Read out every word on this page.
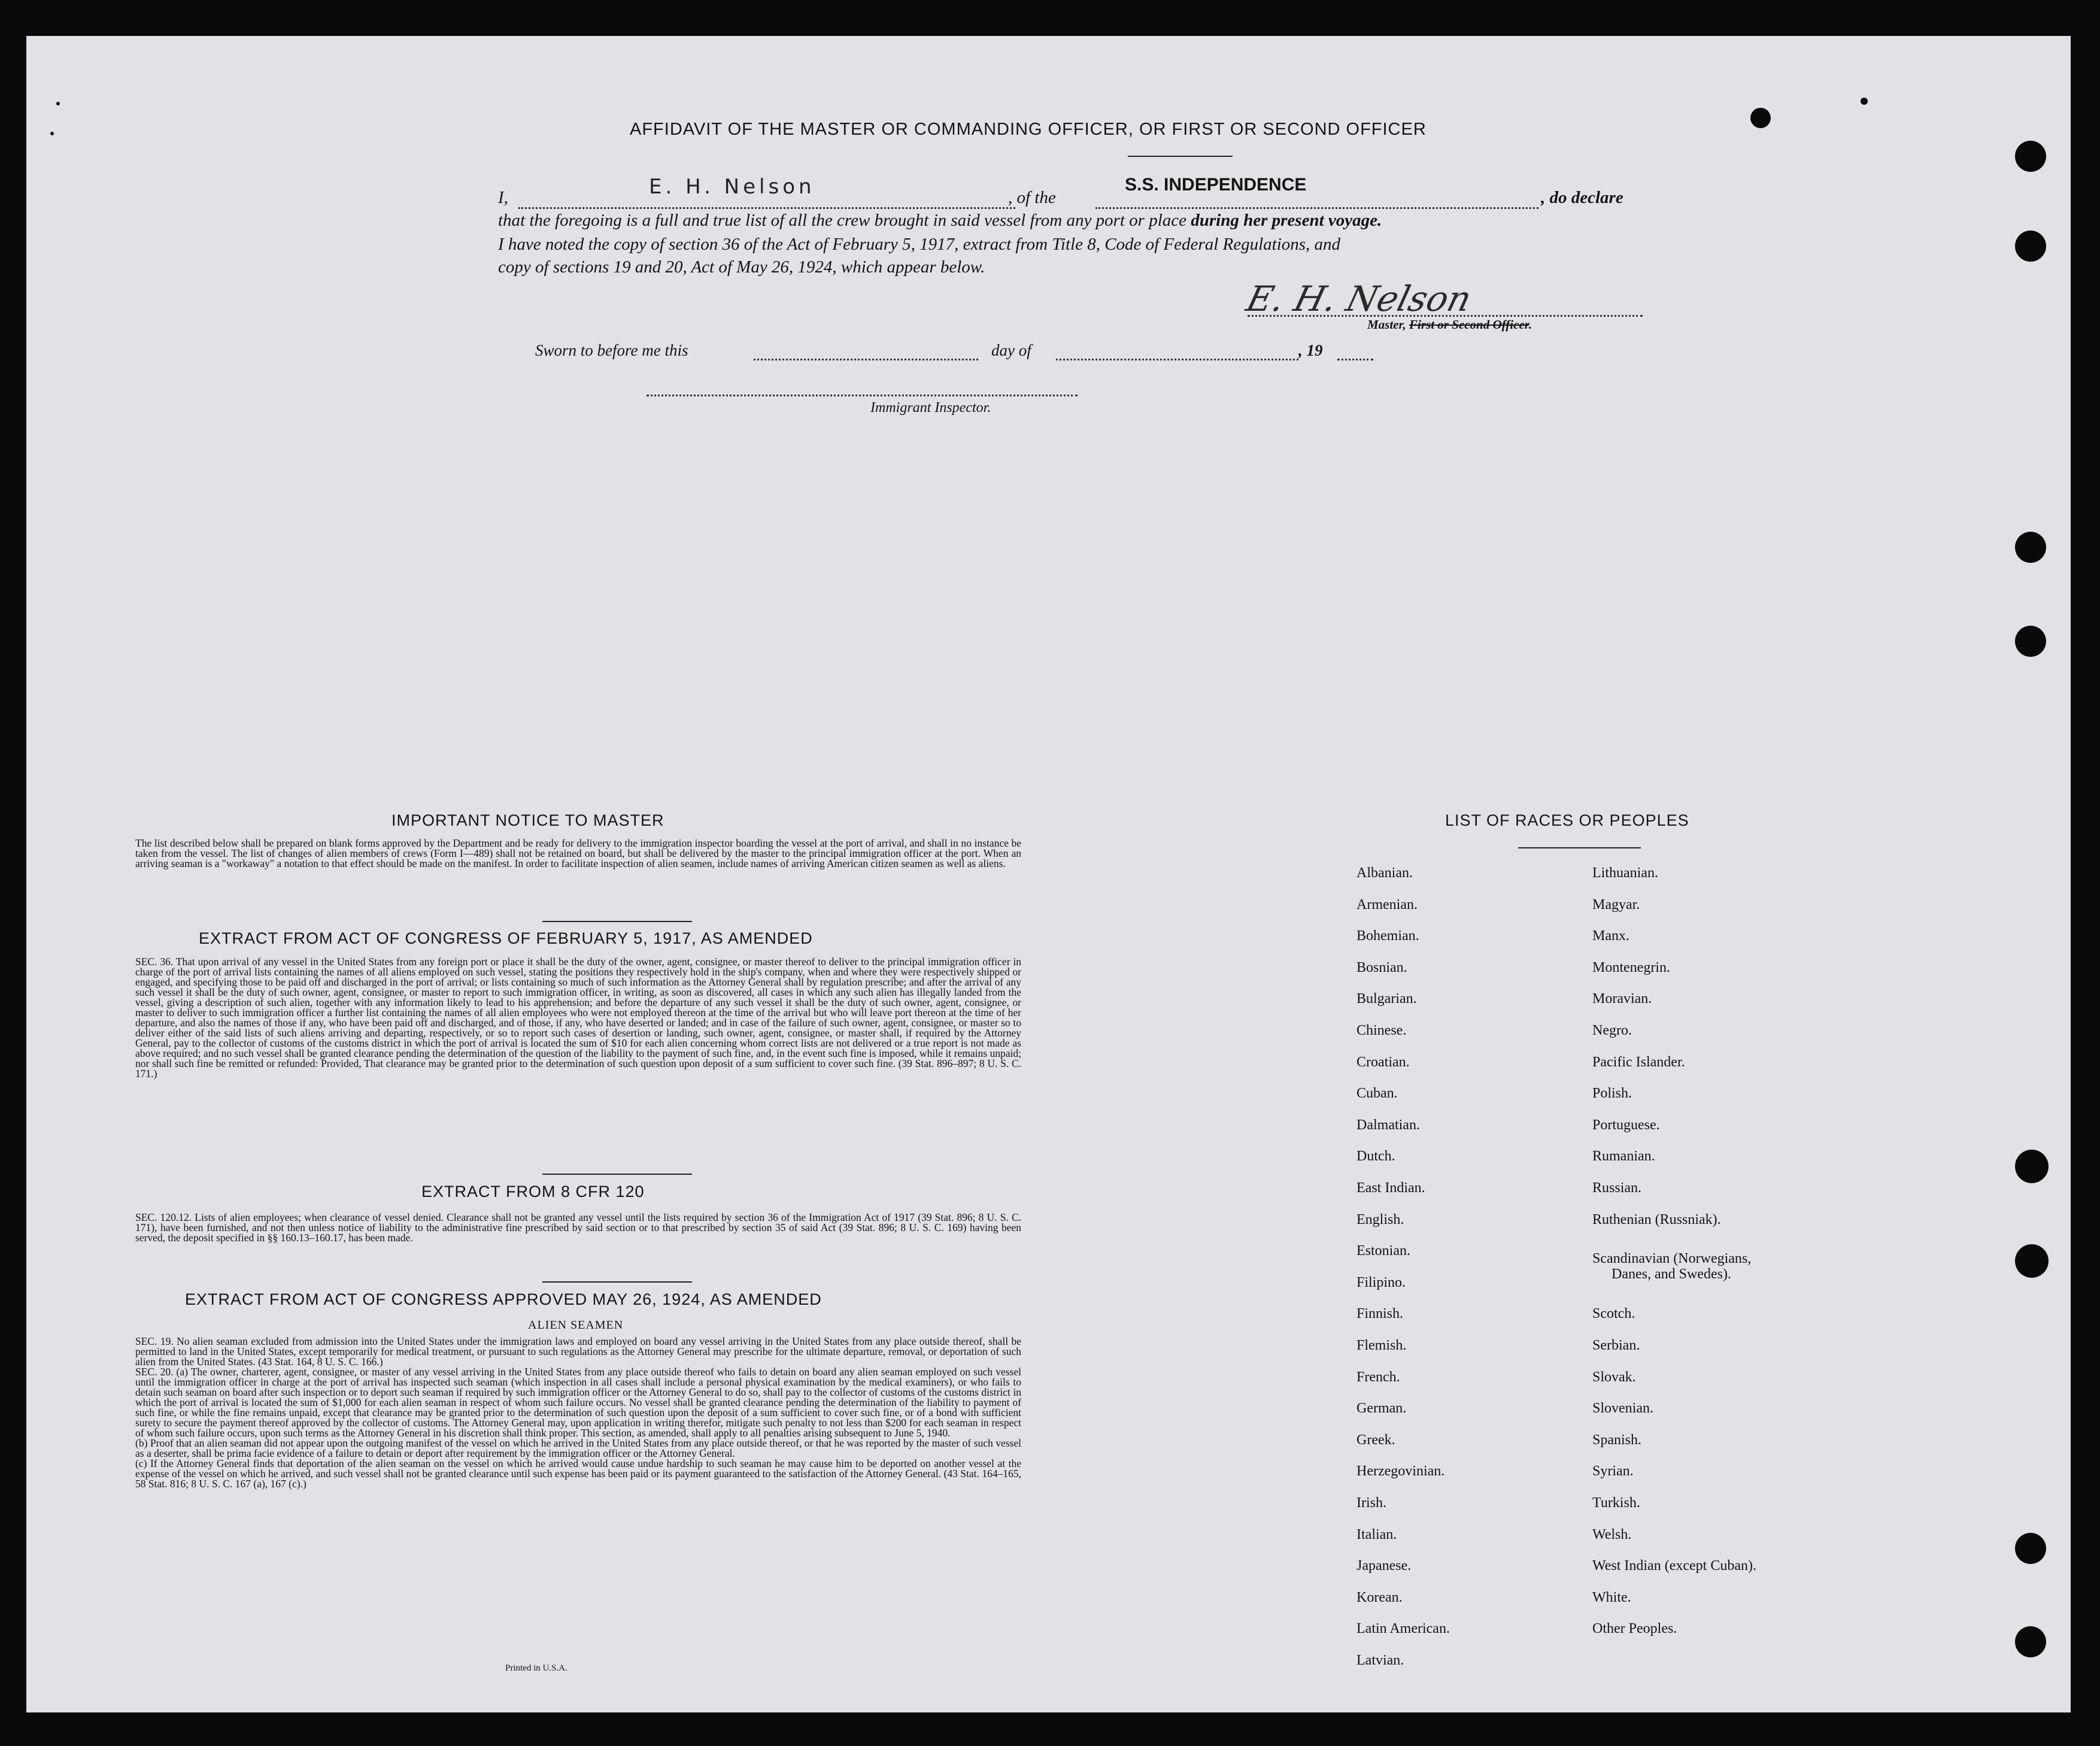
AFFIDAVIT OF THE MASTER OR COMMANDING OFFICER, OR FIRST OR SECOND OFFICER
I,	E. H. Nelson	, of the
S.S. INDEPENDENCE
, do declare
that the foregoing is a full and true list of all the crew brought in said vessel from any port or place during her present voyage.
I have noted the copy of section 36 of the Act of February 5, 1917, extract from Title 8, Code of Federal Regulations, and
copy of sections 19 and 20, Act of May 26, 1924, which appear below.
E. H. Nelson
Master, First or Second Officer.
Sworn to before me this	day of	, 19
Immigrant Inspector.
IMPORTANT NOTICE TO MASTER
The list described below shall be prepared on blank forms approved by the Department and be ready for delivery to the immigration inspector boarding the vessel at the port of arrival, and shall in no instance be taken from the vessel. The list of changes of alien members of crews (Form I—489) shall not be retained on board, but shall be delivered by the master to the principal immigration officer at the port. When an arriving seaman is a "workaway" a notation to that effect should be made on the manifest. In order to facilitate inspection of alien seamen, include names of arriving American citizen seamen as well as aliens.
EXTRACT FROM ACT OF CONGRESS OF FEBRUARY 5, 1917, AS AMENDED
SEC. 36. That upon arrival of any vessel in the United States from any foreign port or place it shall be the duty of the owner, agent, consignee, or master thereof to deliver to the principal immigration officer in charge of the port of arrival lists containing the names of all aliens employed on such vessel, stating the positions they respectively hold in the ship's company, when and where they were respectively shipped or engaged, and specifying those to be paid off and discharged in the port of arrival; or lists containing so much of such information as the Attorney General shall by regulation prescribe; and after the arrival of any such vessel it shall be the duty of such owner, agent, consignee, or master to report to such immigration officer, in writing, as soon as discovered, all cases in which any such alien has illegally landed from the vessel, giving a description of such alien, together with any information likely to lead to his apprehension; and before the departure of any such vessel it shall be the duty of such owner, agent, consignee, or master to deliver to such immigration officer a further list containing the names of all alien employees who were not employed thereon at the time of the arrival but who will leave port thereon at the time of her departure, and also the names of those if any, who have been paid off and discharged, and of those, if any, who have deserted or landed; and in case of the failure of such owner, agent, consignee, or master so to deliver either of the said lists of such aliens arriving and departing, respectively, or so to report such cases of desertion or landing, such owner, agent, consignee, or master shall, if required by the Attorney General, pay to the collector of customs of the customs district in which the port of arrival is located the sum of $10 for each alien concerning whom correct lists are not delivered or a true report is not made as above required; and no such vessel shall be granted clearance pending the determination of the question of the liability to the payment of such fine, and, in the event such fine is imposed, while it remains unpaid; nor shall such fine be remitted or refunded: Provided, That clearance may be granted prior to the determination of such question upon deposit of a sum sufficient to cover such fine. (39 Stat. 896–897; 8 U. S. C. 171.)
EXTRACT FROM 8 CFR 120
SEC. 120.12. Lists of alien employees; when clearance of vessel denied. Clearance shall not be granted any vessel until the lists required by section 36 of the Immigration Act of 1917 (39 Stat. 896; 8 U. S. C. 171), have been furnished, and not then unless notice of liability to the administrative fine prescribed by said section or to that prescribed by section 35 of said Act (39 Stat. 896; 8 U. S. C. 169) having been served, the deposit specified in §§ 160.13–160.17, has been made.
EXTRACT FROM ACT OF CONGRESS APPROVED MAY 26, 1924, AS AMENDED
ALIEN SEAMEN
SEC. 19. No alien seaman excluded from admission into the United States under the immigration laws and employed on board any vessel arriving in the United States from any place outside thereof, shall be permitted to land in the United States, except temporarily for medical treatment, or pursuant to such regulations as the Attorney General may prescribe for the ultimate departure, removal, or deportation of such alien from the United States. (43 Stat. 164, 8 U. S. C. 166.)
SEC. 20. (a) The owner, charterer, agent, consignee, or master of any vessel arriving in the United States from any place outside thereof who fails to detain on board any alien seaman employed on such vessel until the immigration officer in charge at the port of arrival has inspected such seaman (which inspection in all cases shall include a personal physical examination by the medical examiners), or who fails to detain such seaman on board after such inspection or to deport such seaman if required by such immigration officer or the Attorney General to do so, shall pay to the collector of customs of the customs district in which the port of arrival is located the sum of $1,000 for each alien seaman in respect of whom such failure occurs. No vessel shall be granted clearance pending the determination of the liability to payment of such fine, or while the fine remains unpaid, except that clearance may be granted prior to the determination of such question upon the deposit of a sum sufficient to cover such fine, or of a bond with sufficient surety to secure the payment thereof approved by the collector of customs. The Attorney General may, upon application in writing therefor, mitigate such penalty to not less than $200 for each seaman in respect of whom such failure occurs, upon such terms as the Attorney General in his discretion shall think proper. This section, as amended, shall apply to all penalties arising subsequent to June 5, 1940.
(b) Proof that an alien seaman did not appear upon the outgoing manifest of the vessel on which he arrived in the United States from any place outside thereof, or that he was reported by the master of such vessel as a deserter, shall be prima facie evidence of a failure to detain or deport after requirement by the immigration officer or the Attorney General.
(c) If the Attorney General finds that deportation of the alien seaman on the vessel on which he arrived would cause undue hardship to such seaman he may cause him to be deported on another vessel at the expense of the vessel on which he arrived, and such vessel shall not be granted clearance until such expense has been paid or its payment guaranteed to the satisfaction of the Attorney General. (43 Stat. 164–165, 58 Stat. 816; 8 U. S. C. 167 (a), 167 (c).)
Printed in U.S.A.
LIST OF RACES OR PEOPLES
Albanian.
Armenian.
Bohemian.
Bosnian.
Bulgarian.
Chinese.
Croatian.
Cuban.
Dalmatian.
Dutch.
East Indian.
English.
Estonian.
Filipino.
Finnish.
Flemish.
French.
German.
Greek.
Herzegovinian.
Irish.
Italian.
Japanese.
Korean.
Latin American.
Latvian.
Lithuanian.
Magyar.
Manx.
Montenegrin.
Moravian.
Negro.
Pacific Islander.
Polish.
Portuguese.
Rumanian.
Russian.
Ruthenian (Russniak).
Scandinavian (Norwegians,
Scotch.
Serbian.
Slovak.
Slovenian.
Spanish.
Syrian.
Turkish.
Welsh.
West Indian (except Cuban).
White.
Other Peoples.
Danes, and Swedes).
